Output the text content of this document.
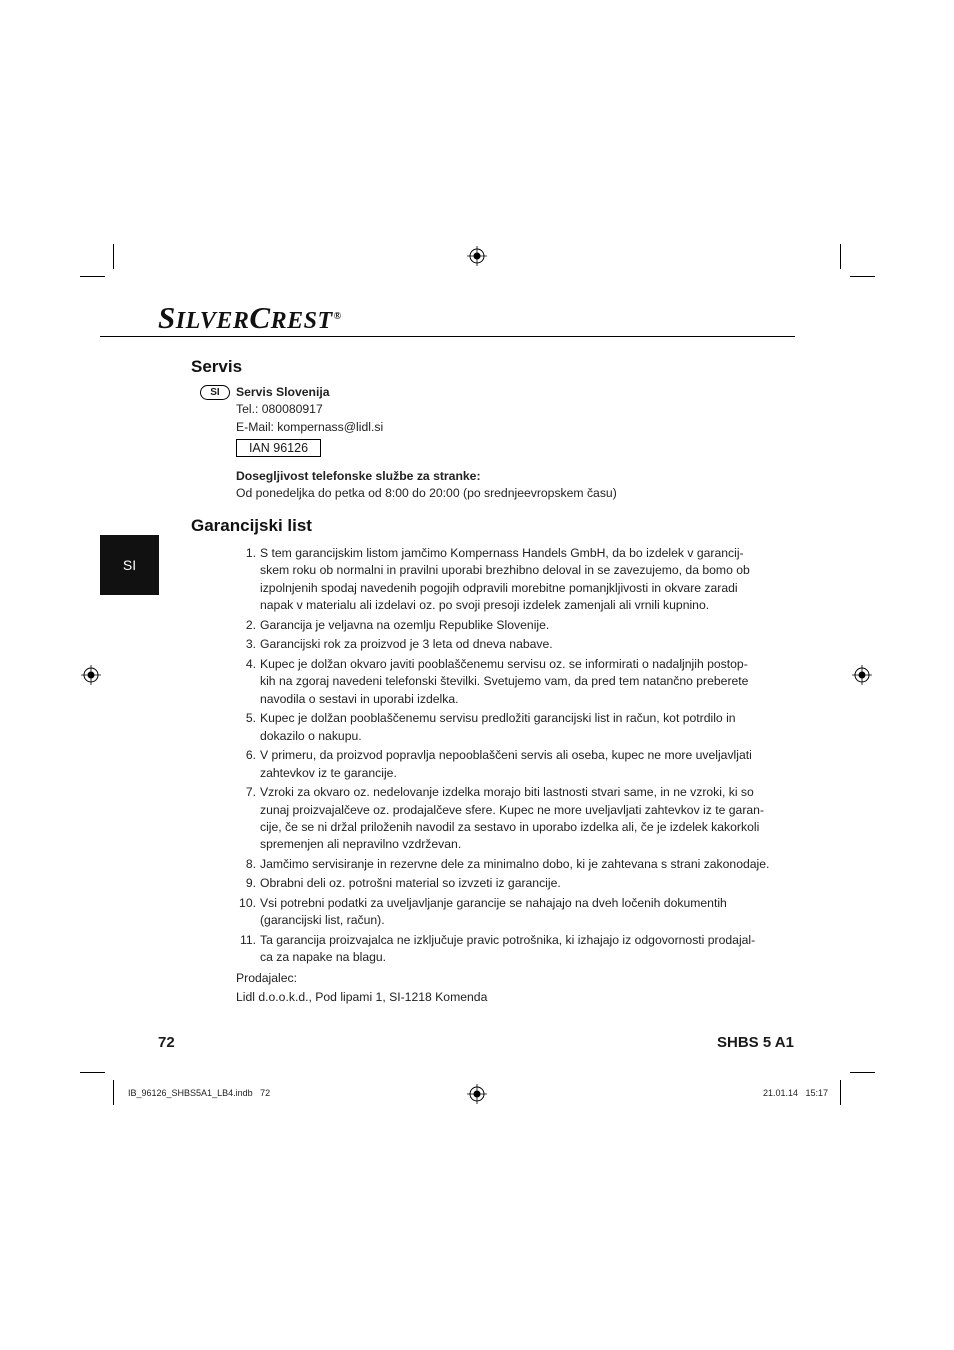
SILVERCREST®
Servis
SI	Servis Slovenija
Tel.: 080080917
E-Mail: kompernass@lidl.si
IAN 96126
Dosegljivost telefonske službe za stranke:
Od ponedeljka do petka od 8:00 do 20:00 (po srednjeevropskem času)
SI
Garancijski list
1. S tem garancijskim listom jamčimo Kompernass Handels GmbH, da bo izdelek v garancij-
skem roku ob normalni in pravilni uporabi brezhibno deloval in se zavezujemo, da bomo ob
izpolnjenih spodaj navedenih pogojih odpravili morebitne pomanjkljivosti in okvare zaradi
napak v materialu ali izdelavi oz. po svoji presoji izdelek zamenjali ali vrnili kupnino.
2. Garancija je veljavna na ozemlju Republike Slovenije.
3. Garancijski rok za proizvod je 3 leta od dneva nabave.
4. Kupec je dolžan okvaro javiti pooblaščenemu servisu oz. se informirati o nadaljnjih postop-
kih na zgoraj navedeni telefonski številki. Svetujemo vam, da pred tem natančno preberete
navodila o sestavi in uporabi izdelka.
5. Kupec je dolžan pooblaščenemu servisu predložiti garancijski list in račun, kot potrdilo in
dokazilo o nakupu.
6. V primeru, da proizvod popravlja nepooblaščeni servis ali oseba, kupec ne more uveljavljati
zahtevkov iz te garancije.
7. Vzroki za okvaro oz. nedelovanje izdelka morajo biti lastnosti stvari same, in ne vzroki, ki so
zunaj proizvajalčeve oz. prodajalčeve sfere. Kupec ne more uveljavljati zahtevkov iz te garan-
cije, če se ni držal priloženih navodil za sestavo in uporabo izdelka ali, če je izdelek kakorkoli
spremenjen ali nepravilno vzdrževan.
8. Jamčimo servisiranje in rezervne dele za minimalno dobo, ki je zahtevana s strani zakonodaje.
9. Obrabni deli oz. potrošni material so izvzeti iz garancije.
10. Vsi potrebni podatki za uveljavljanje garancije se nahajajo na dveh ločenih dokumentih
(garancijski list, račun).
11. Ta garancija proizvajalca ne izključuje pravic potrošnika, ki izhajajo iz odgovornosti prodajal-
ca za napake na blagu.
Prodajalec:
Lidl d.o.o.k.d., Pod lipami 1, SI-1218 Komenda
72	SHBS 5 A1
IB_96126_SHBS5A1_LB4.indb   72	21.01.14   15:17
